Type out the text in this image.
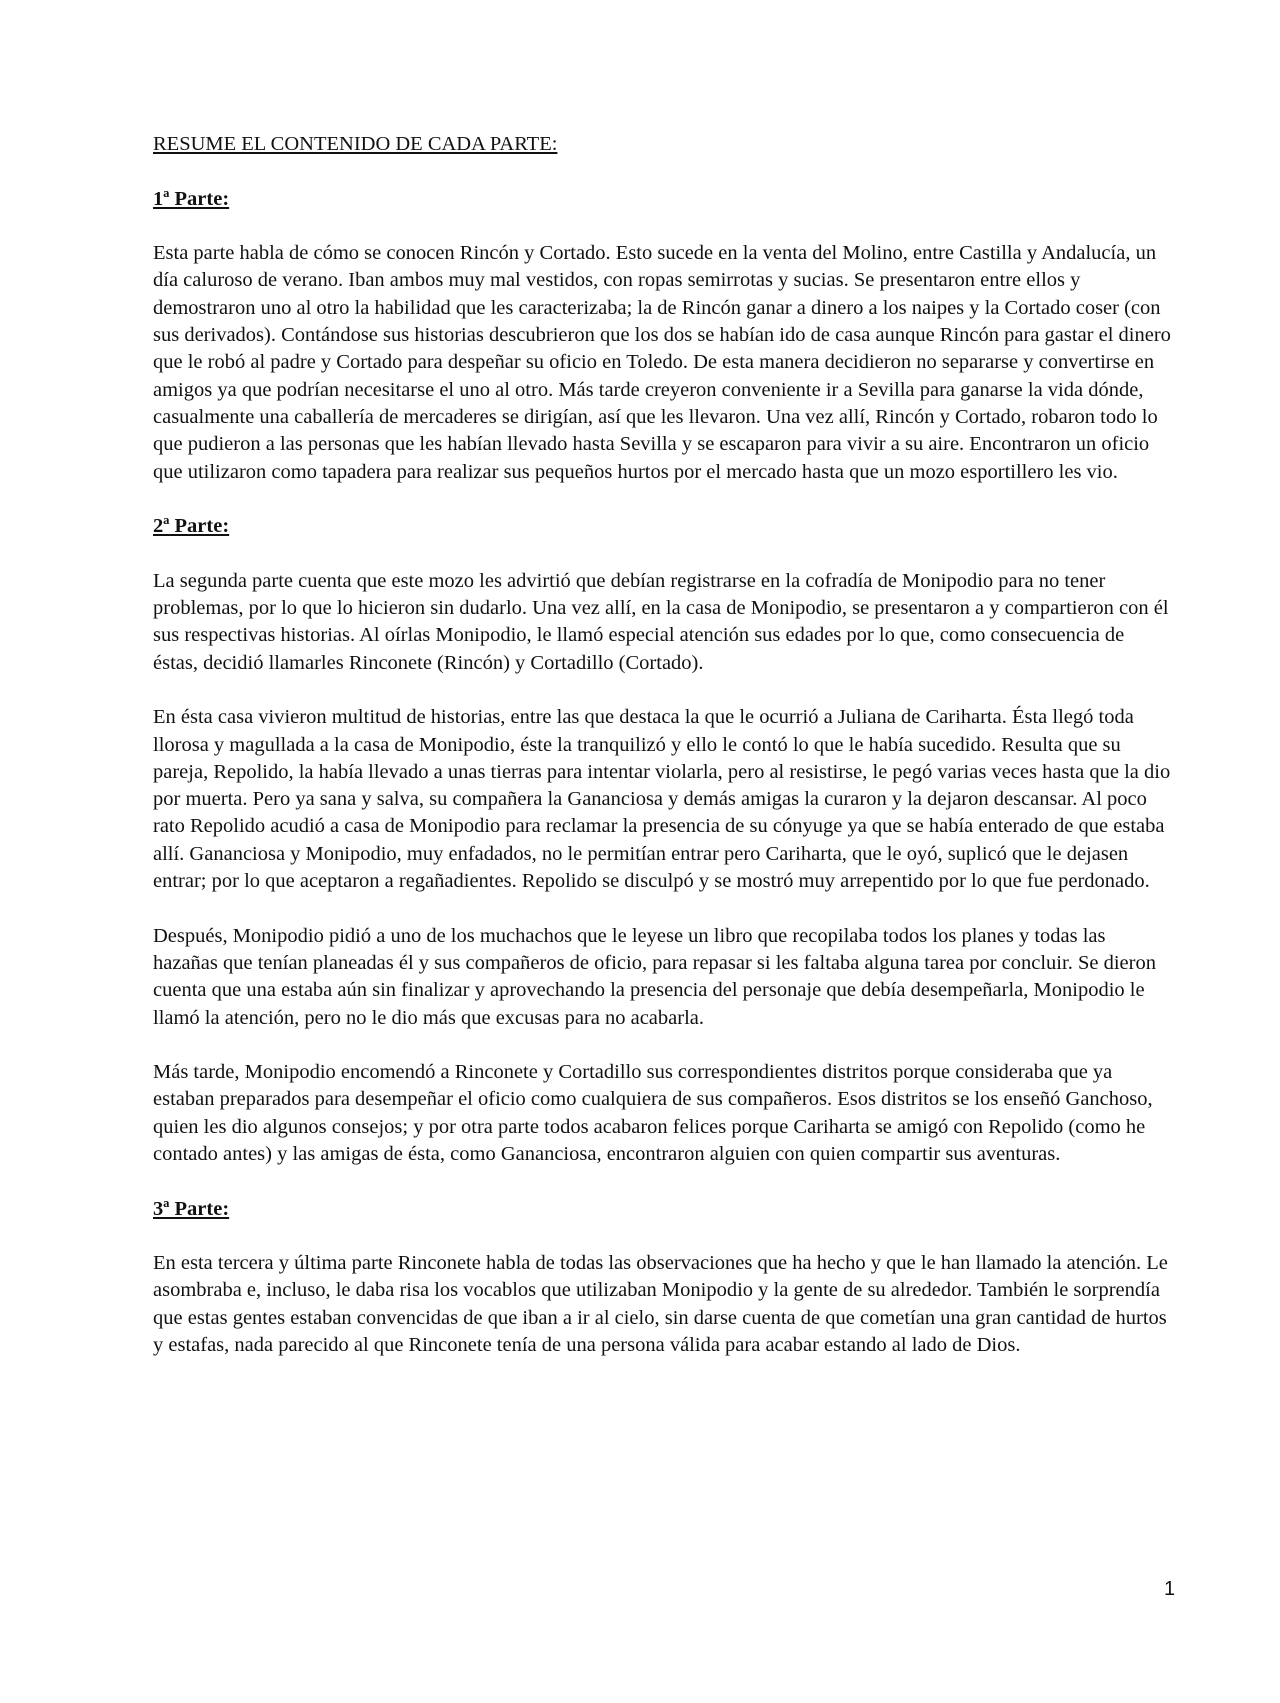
RESUME EL CONTENIDO DE CADA PARTE:

1ª Parte:

Esta parte habla de cómo se conocen Rincón y Cortado. Esto sucede en la venta del Molino, entre Castilla y Andalucía, un día caluroso de verano. Iban ambos muy mal vestidos, con ropas semirrotas y sucias. Se presentaron entre ellos y demostraron uno al otro la habilidad que les caracterizaba; la de Rincón ganar a dinero a los naipes y la Cortado coser (con sus derivados). Contándose sus historias descubrieron que los dos se habían ido de casa aunque Rincón para gastar el dinero que le robó al padre y Cortado para despeñar su oficio en Toledo. De esta manera decidieron no separarse y convertirse en amigos ya que podrían necesitarse el uno al otro. Más tarde creyeron conveniente ir a Sevilla para ganarse la vida dónde, casualmente una caballería de mercaderes se dirigían, así que les llevaron. Una vez allí, Rincón y Cortado, robaron todo lo que pudieron a las personas que les habían llevado hasta Sevilla y se escaparon para vivir a su aire. Encontraron un oficio que utilizaron como tapadera para realizar sus pequeños hurtos por el mercado hasta que un mozo esportillero les vio.

2ª Parte:

La segunda parte cuenta que este mozo les advirtió que debían registrarse en la cofradía de Monipodio para no tener problemas, por lo que lo hicieron sin dudarlo. Una vez allí, en la casa de Monipodio, se presentaron a y compartieron con él sus respectivas historias. Al oírlas Monipodio, le llamó especial atención sus edades por lo que, como consecuencia de éstas, decidió llamarles Rinconete (Rincón) y Cortadillo (Cortado).

En ésta casa vivieron multitud de historias, entre las que destaca la que le ocurrió a Juliana de Cariharta. Ésta llegó toda llorosa y magullada a la casa de Monipodio, éste la tranquilizó y ello le contó lo que le había sucedido. Resulta que su pareja, Repolido, la había llevado a unas tierras para intentar violarla, pero al resistirse, le pegó varias veces hasta que la dio por muerta. Pero ya sana y salva, su compañera la Gananciosa y demás amigas la curaron y la dejaron descansar. Al poco rato Repolido acudió a casa de Monipodio para reclamar la presencia de su cónyuge ya que se había enterado de que estaba allí. Gananciosa y Monipodio, muy enfadados, no le permitían entrar pero Cariharta, que le oyó, suplicó que le dejasen entrar; por lo que aceptaron a regañadientes. Repolido se disculpó y se mostró muy arrepentido por lo que fue perdonado.

Después, Monipodio pidió a uno de los muchachos que le leyese un libro que recopilaba todos los planes y todas las hazañas que tenían planeadas él y sus compañeros de oficio, para repasar si les faltaba alguna tarea por concluir. Se dieron cuenta que una estaba aún sin finalizar y aprovechando la presencia del personaje que debía desempeñarla, Monipodio le llamó la atención, pero no le dio más que excusas para no acabarla.

Más tarde, Monipodio encomendó a Rinconete y Cortadillo sus correspondientes distritos porque consideraba que ya estaban preparados para desempeñar el oficio como cualquiera de sus compañeros. Esos distritos se los enseñó Ganchoso, quien les dio algunos consejos; y por otra parte todos acabaron felices porque Cariharta se amigó con Repolido (como he contado antes) y las amigas de ésta, como Gananciosa, encontraron alguien con quien compartir sus aventuras.

3ª Parte:

En esta tercera y última parte Rinconete habla de todas las observaciones que ha hecho y que le han llamado la atención. Le asombraba e, incluso, le daba risa los vocablos que utilizaban Monipodio y la gente de su alrededor. También le sorprendía que estas gentes estaban convencidas de que iban a ir al cielo, sin darse cuenta de que cometían una gran cantidad de hurtos y estafas, nada parecido al que Rinconete tenía de una persona válida para acabar estando al lado de Dios.

1
